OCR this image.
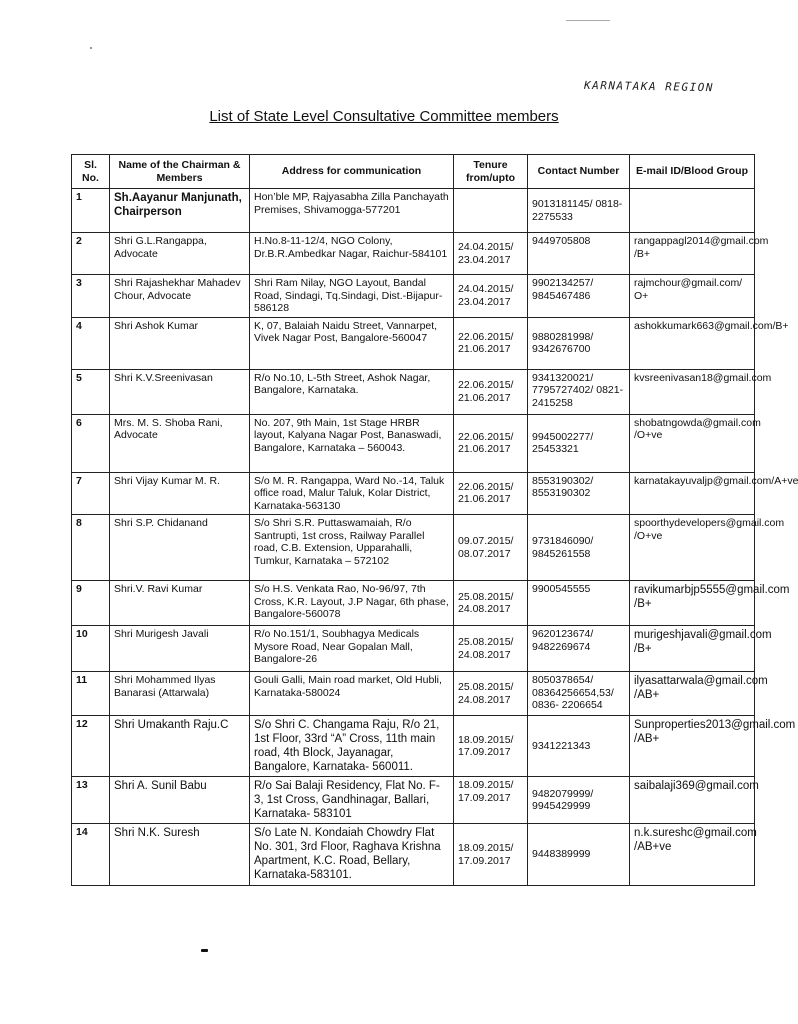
KARNATAKA REGION
List of State Level Consultative Committee members
Sl. No.	Name of the Chairman & Members	Address for communication	Tenure from/upto	Contact Number	E-mail ID/Blood Group
1	Sh.Aayanur Manjunath, Chairperson	Hon’ble MP, Rajyasabha Zilla Panchayath Premises, Shivamogga-577201		9013181145/ 0818-2275533	
2	Shri G.L.Rangappa, Advocate	H.No.8-11-12/4, NGO Colony, Dr.B.R.Ambedkar Nagar, Raichur-584101	24.04.2015/ 23.04.2017	9449705808	rangappagl2014@gmail.com /B+
3	Shri Rajashekhar Mahadev Chour, Advocate	Shri Ram Nilay, NGO Layout, Bandal Road, Sindagi, Tq.Sindagi, Dist.-Bijapur-586128	24.04.2015/ 23.04.2017	9902134257/ 9845467486	rajmchour@gmail.com/ O+
4	Shri Ashok Kumar	K, 07, Balaiah Naidu Street, Vannarpet, Vivek Nagar Post, Bangalore-560047	22.06.2015/ 21.06.2017	9880281998/ 9342676700	ashokkumark663@gmail.com/B+
5	Shri K.V.Sreenivasan	R/o No.10, L-5th Street, Ashok Nagar, Bangalore, Karnataka.	22.06.2015/ 21.06.2017	9341320021/ 7795727402/ 0821-2415258	kvsreenivasan18@gmail.com
6	Mrs. M. S. Shoba Rani, Advocate	No. 207, 9th Main, 1st Stage HRBR layout, Kalyana Nagar Post, Banaswadi, Bangalore, Karnataka – 560043.	22.06.2015/ 21.06.2017	9945002277/ 25453321	shobatngowda@gmail.com /O+ve
7	Shri Vijay Kumar M. R.	S/o M. R. Rangappa, Ward No.-14, Taluk office road, Malur Taluk, Kolar District, Karnataka-563130	22.06.2015/ 21.06.2017	8553190302/ 8553190302	karnatakayuvaljp@gmail.com/A+ve
8	Shri S.P. Chidanand	S/o Shri S.R. Puttaswamaiah, R/o Santrupti, 1st cross, Railway Parallel road, C.B. Extension, Upparahalli, Tumkur, Karnataka – 572102	09.07.2015/ 08.07.2017	9731846090/ 9845261558	spoorthydevelopers@gmail.com /O+ve
9	Shri.V. Ravi Kumar	S/o H.S. Venkata Rao, No-96/97, 7th Cross, K.R. Layout, J.P Nagar, 6th phase, Bangalore-560078	25.08.2015/ 24.08.2017	9900545555	ravikumarbjp5555@gmail.com /B+
10	Shri Murigesh Javali	R/o No.151/1, Soubhagya Medicals Mysore Road, Near Gopalan Mall, Bangalore-26	25.08.2015/ 24.08.2017	9620123674/ 9482269674	murigeshjavali@gmail.com /B+
11	Shri Mohammed Ilyas Banarasi (Attarwala)	Gouli Galli, Main road market, Old Hubli, Karnataka-580024	25.08.2015/ 24.08.2017	8050378654/ 08364256654,53/ 0836- 2206654	ilyasattarwala@gmail.com /AB+
12	Shri Umakanth Raju.C	S/o Shri C. Changama Raju, R/o 21, 1st Floor, 33rd “A” Cross, 11th main road, 4th Block, Jayanagar, Bangalore, Karnataka- 560011.	18.09.2015/ 17.09.2017	9341221343	Sunproperties2013@gmail.com /AB+
13	Shri A. Sunil Babu	R/o Sai Balaji Residency, Flat No. F-3, 1st Cross, Gandhinagar, Ballari, Karnataka- 583101	18.09.2015/ 17.09.2017	9482079999/ 9945429999	saibalaji369@gmail.com
14	Shri N.K. Suresh	S/o Late N. Kondaiah Chowdry Flat No. 301, 3rd Floor, Raghava Krishna Apartment, K.C. Road, Bellary, Karnataka-583101.	18.09.2015/ 17.09.2017	9448389999	n.k.sureshc@gmail.com /AB+ve
